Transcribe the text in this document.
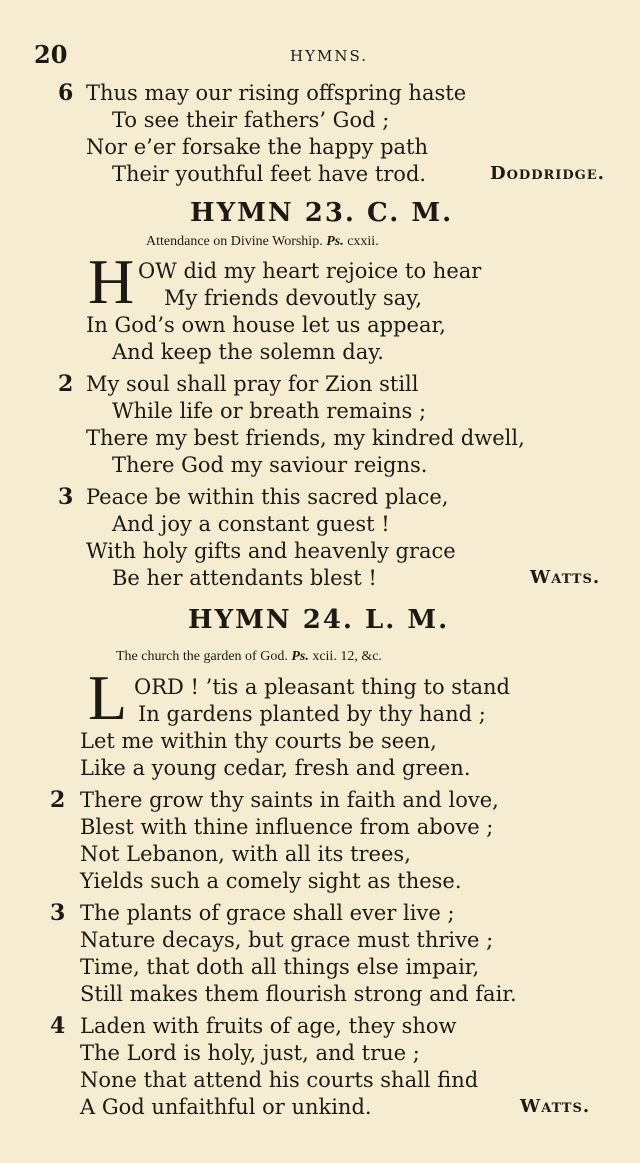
20	HYMNS.
6 Thus may our rising offspring haste
To see their fathers’ God ;
Nor e’er forsake the happy path
Their youthful feet have trod.	Doddridge.
HYMN 23. C. M.
Attendance on Divine Worship. Ps. cxxii.
H OW did my heart rejoice to hear
My friends devoutly say,
In God’s own house let us appear,
And keep the solemn day.
2 My soul shall pray for Zion still
While life or breath remains ;
There my best friends, my kindred dwell,
There God my saviour reigns.
3 Peace be within this sacred place,
And joy a constant guest !
With holy gifts and heavenly grace
Be her attendants blest !	Watts.
HYMN 24. L. M.
The church the garden of God. Ps. xcii. 12, &c.
L ORD ! ’tis a pleasant thing to stand
In gardens planted by thy hand ;
Let me within thy courts be seen,
Like a young cedar, fresh and green.
2 There grow thy saints in faith and love,
Blest with thine influence from above ;
Not Lebanon, with all its trees,
Yields such a comely sight as these.
3 The plants of grace shall ever live ;
Nature decays, but grace must thrive ;
Time, that doth all things else impair,
Still makes them flourish strong and fair.
4 Laden with fruits of age, they show
The Lord is holy, just, and true ;
None that attend his courts shall find
A God unfaithful or unkind.	Watts.
